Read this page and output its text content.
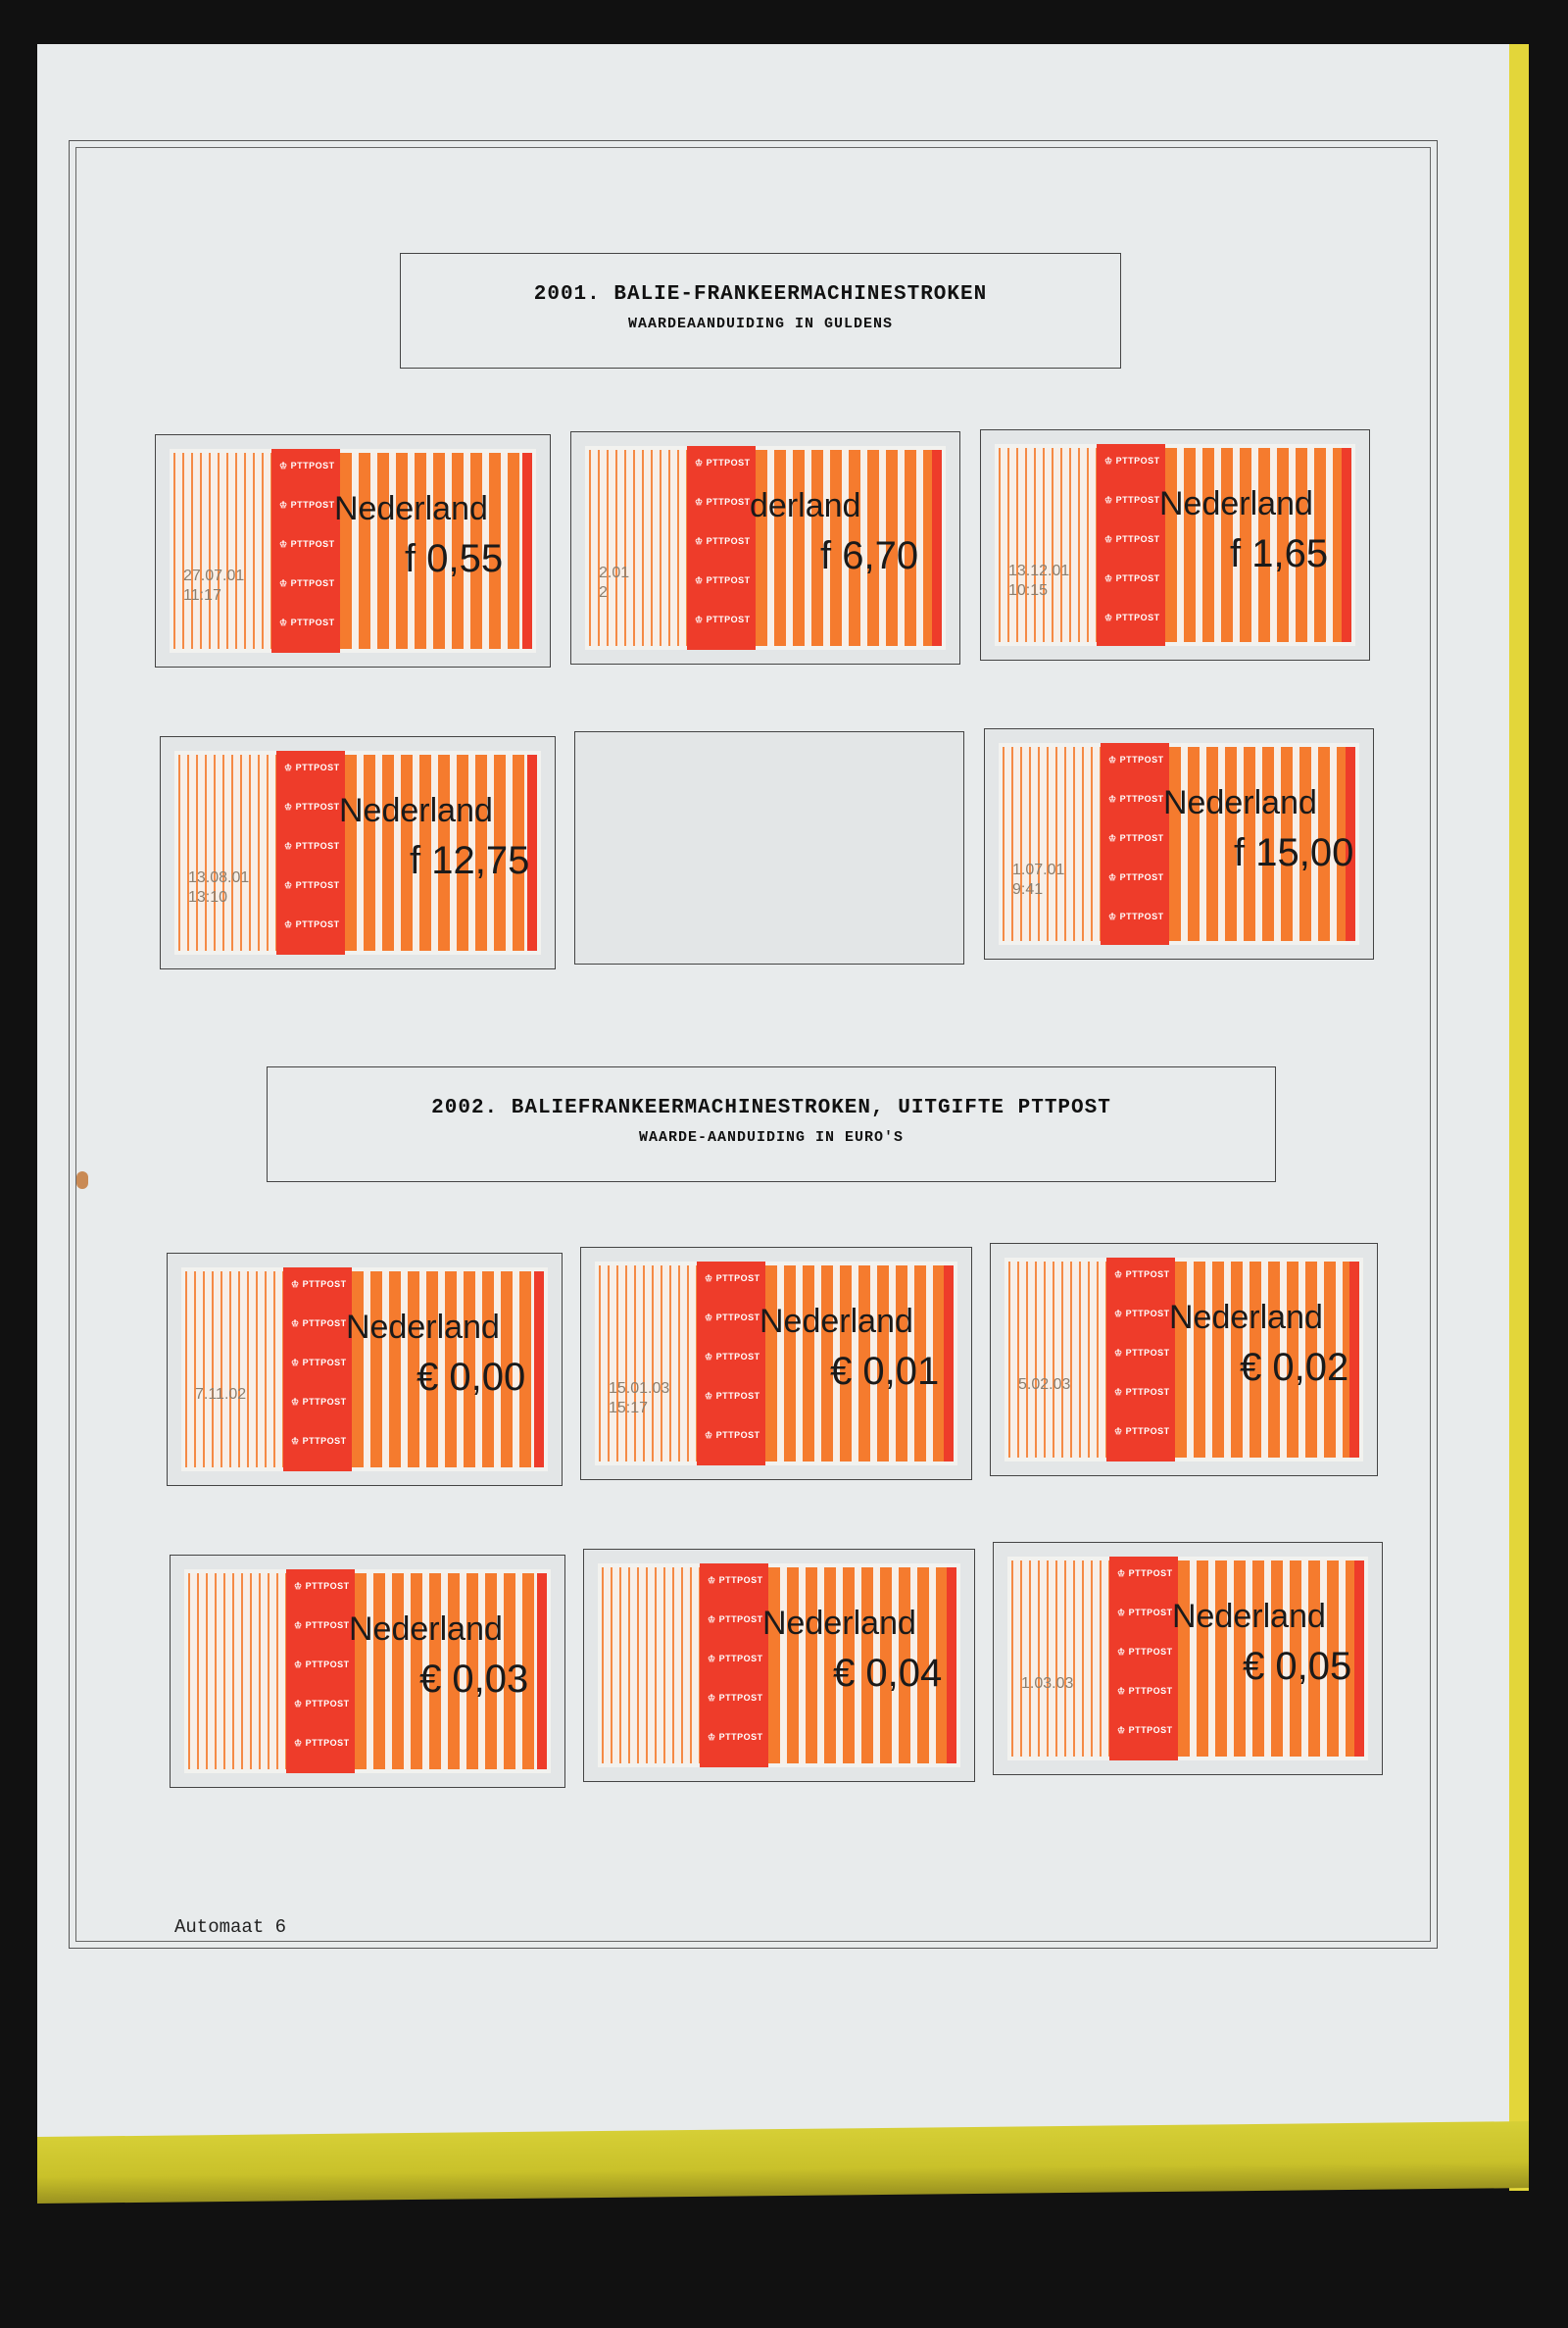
2001. BALIE-FRANKEERMACHINESTROKEN
WAARDEAANDUIDING IN GULDENS
2002. BALIEFRANKEERMACHINESTROKEN, UITGIFTE PTTPOST
WAARDE-AANDUIDING IN EURO'S
♔ PTTPOST
♔ PTTPOST
♔ PTTPOST
♔ PTTPOST
♔ PTTPOST
Nederland
f 0,55
27.07.01
11:17
♔ PTTPOST
♔ PTTPOST
♔ PTTPOST
♔ PTTPOST
♔ PTTPOST
derland
f 6,70
2.01
2
♔ PTTPOST
♔ PTTPOST
♔ PTTPOST
♔ PTTPOST
♔ PTTPOST
Nederland
f 1,65
13.12.01
10:15
♔ PTTPOST
♔ PTTPOST
♔ PTTPOST
♔ PTTPOST
♔ PTTPOST
Nederland
f 12,75
13.08.01
13:10
♔ PTTPOST
♔ PTTPOST
♔ PTTPOST
♔ PTTPOST
♔ PTTPOST
Nederland
f 15,00
1.07.01
9:41
♔ PTTPOST
♔ PTTPOST
♔ PTTPOST
♔ PTTPOST
♔ PTTPOST
Nederland
€ 0,00
7.11.02
♔ PTTPOST
♔ PTTPOST
♔ PTTPOST
♔ PTTPOST
♔ PTTPOST
Nederland
€ 0,01
15.01.03
15:17
♔ PTTPOST
♔ PTTPOST
♔ PTTPOST
♔ PTTPOST
♔ PTTPOST
Nederland
€ 0,02
5.02.03
♔ PTTPOST
♔ PTTPOST
♔ PTTPOST
♔ PTTPOST
♔ PTTPOST
Nederland
€ 0,03
♔ PTTPOST
♔ PTTPOST
♔ PTTPOST
♔ PTTPOST
♔ PTTPOST
Nederland
€ 0,04
♔ PTTPOST
♔ PTTPOST
♔ PTTPOST
♔ PTTPOST
♔ PTTPOST
Nederland
€ 0,05
1.03.03
Automaat 6
